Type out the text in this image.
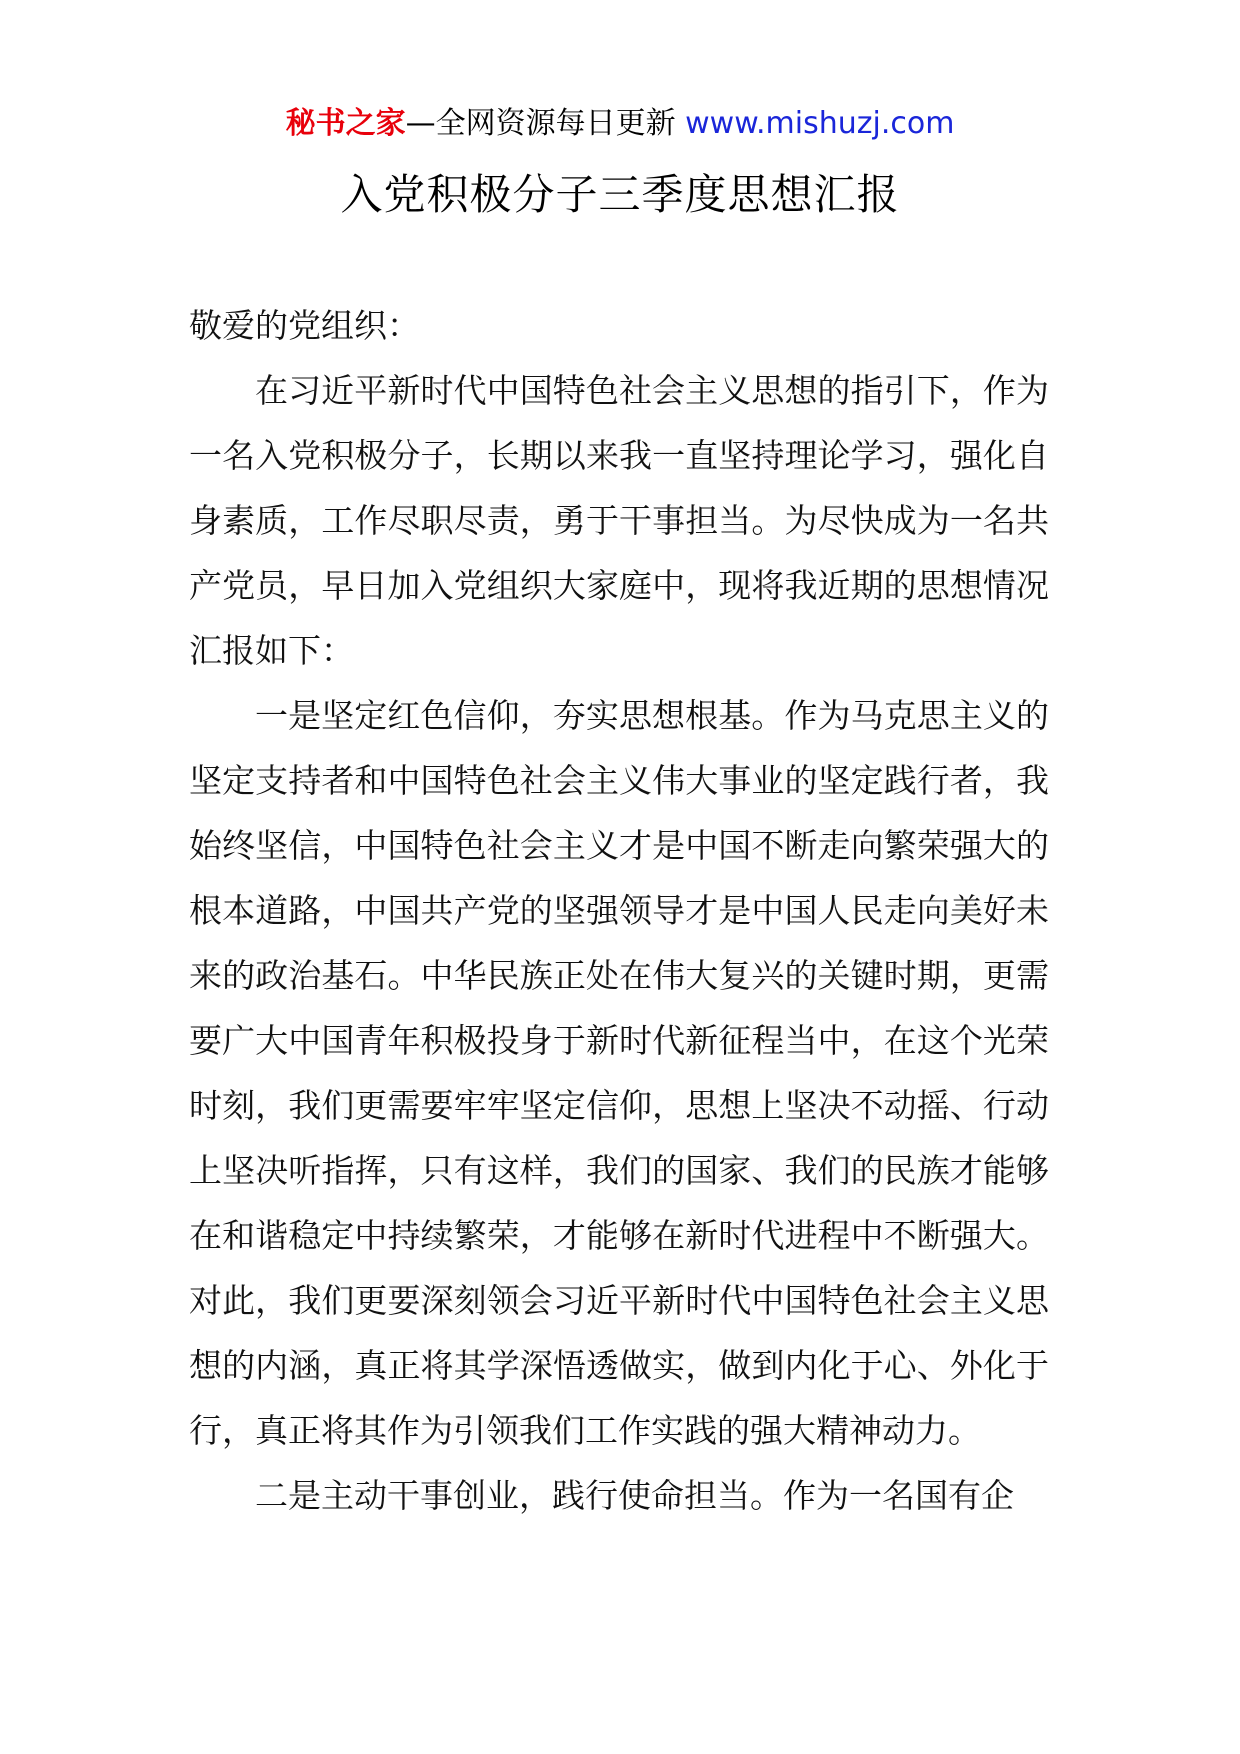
秘书之家—全网资源每日更新 www.mishuzj.com
入党积极分子三季度思想汇报

敬爱的党组织：

在习近平新时代中国特色社会主义思想的指引下，作为一名入党积极分子，长期以来我一直坚持理论学习，强化自身素质，工作尽职尽责，勇于干事担当。为尽快成为一名共产党员，早日加入党组织大家庭中，现将我近期的思想情况汇报如下：

一是坚定红色信仰，夯实思想根基。作为马克思主义的坚定支持者和中国特色社会主义伟大事业的坚定践行者，我始终坚信，中国特色社会主义才是中国不断走向繁荣强大的根本道路，中国共产党的坚强领导才是中国人民走向美好未来的政治基石。中华民族正处在伟大复兴的关键时期，更需要广大中国青年积极投身于新时代新征程当中，在这个光荣时刻，我们更需要牢牢坚定信仰，思想上坚决不动摇、行动上坚决听指挥，只有这样，我们的国家、我们的民族才能够在和谐稳定中持续繁荣，才能够在新时代进程中不断强大。对此，我们更要深刻领会习近平新时代中国特色社会主义思想的内涵，真正将其学深悟透做实，做到内化于心、外化于行，真正将其作为引领我们工作实践的强大精神动力。

二是主动干事创业，践行使命担当。作为一名国有企
